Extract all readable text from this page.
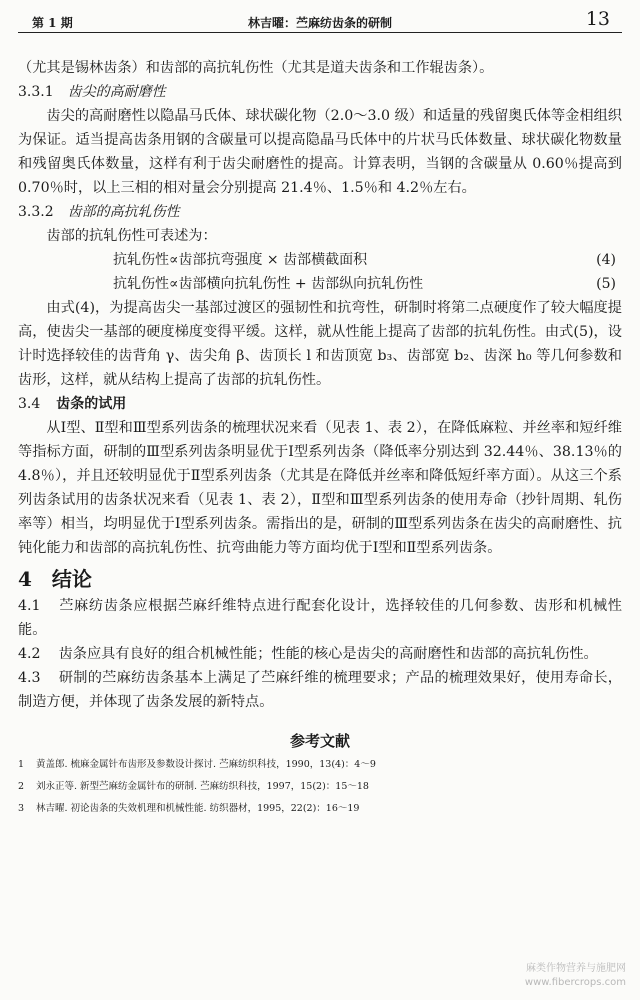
第 1 期	林吉曜：苎麻纺齿条的研制	13

（尤其是锡林齿条）和齿部的高抗轧伤性（尤其是道夫齿条和工作辊齿条）。

3.3.1 齿尖的高耐磨性

齿尖的高耐磨性以隐晶马氏体、球状碳化物（2.0～3.0 级）和适量的残留奥氏体等金相组织为保证。适当提高齿条用钢的含碳量可以提高隐晶马氏体中的片状马氏体数量、球状碳化物数量和残留奥氏体数量，这样有利于齿尖耐磨性的提高。计算表明，当钢的含碳量从 0.60％提高到 0.70％时，以上三相的相对量会分别提高 21.4％、1.5％和 4.2％左右。

3.3.2 齿部的高抗轧伤性

齿部的抗轧伤性可表述为：

抗轧伤性∝齿部抗弯强度 × 齿部横截面积	(4)
抗轧伤性∝齿部横向抗轧伤性 + 齿部纵向抗轧伤性	(5)

由式(4)，为提高齿尖一基部过渡区的强韧性和抗弯性，研制时将第二点硬度作了较大幅度提高，使齿尖一基部的硬度梯度变得平缓。这样，就从性能上提高了齿部的抗轧伤性。由式(5)，设计时选择较佳的齿背角 γ、齿尖角 β、齿顶长 l 和齿顶宽 b₃、齿部宽 b₂、齿深 h₀ 等几何参数和齿形，这样，就从结构上提高了齿部的抗轧伤性。

3.4 齿条的试用

从Ⅰ型、Ⅱ型和Ⅲ型系列齿条的梳理状况来看（见表 1、表 2），在降低麻粒、并丝率和短纤维等指标方面，研制的Ⅲ型系列齿条明显优于Ⅰ型系列齿条（降低率分别达到 32.44％、38.13％的 4.8％），并且还较明显优于Ⅱ型系列齿条（尤其是在降低并丝率和降低短纤率方面）。从这三个系列齿条试用的齿条状况来看（见表 1、表 2），Ⅱ型和Ⅲ型系列齿条的使用寿命（抄针周期、轧伤率等）相当，均明显优于Ⅰ型系列齿条。需指出的是，研制的Ⅲ型系列齿条在齿尖的高耐磨性、抗钝化能力和齿部的高抗轧伤性、抗弯曲能力等方面均优于Ⅰ型和Ⅱ型系列齿条。

4 结论

4.1 苎麻纺齿条应根据苎麻纤维特点进行配套化设计，选择较佳的几何参数、齿形和机械性能。

4.2 齿条应具有良好的组合机械性能；性能的核心是齿尖的高耐磨性和齿部的高抗轧伤性。

4.3 研制的苎麻纺齿条基本上满足了苎麻纤维的梳理要求；产品的梳理效果好，使用寿命长，制造方便，并体现了齿条发展的新特点。

参考文献
1 黄盖郎. 梳麻金属针布齿形及参数设计探讨. 苎麻纺织科技，1990，13(4)：4～9
2 刘永正等. 新型苎麻纺金属针布的研制. 苎麻纺织科技，1997，15(2)：15～18
3 林吉曜. 初论齿条的失效机理和机械性能. 纺织器材，1995，22(2)：16～19
麻类作物营养与施肥网
www.fibercrops.com
